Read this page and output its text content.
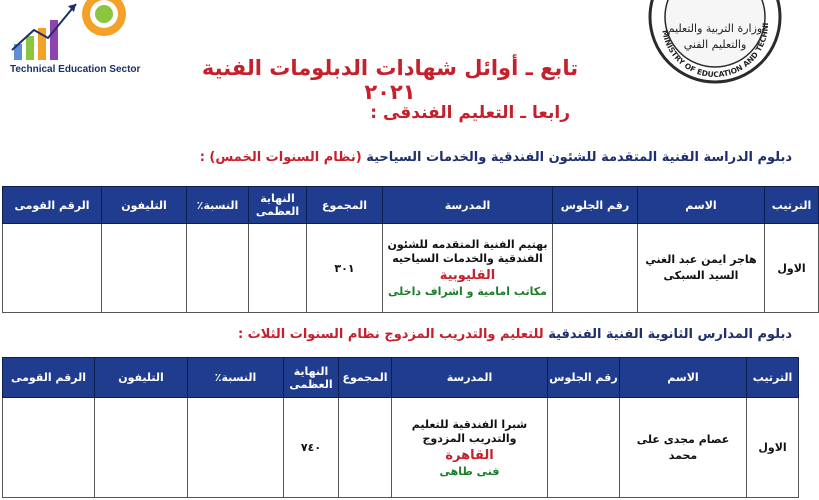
Technical Education Sector
MINISTRY OF EDUCATION AND TECHNI
وزارة التربية والتعليم
والتعليم الفني
تابع ـ أوائل شهادات الدبلومات الفنية ٢٠٢١
رابعا ـ التعليم الفندقى :
دبلوم الدراسة الفنية المتقدمة للشئون الفندقية والخدمات السياحية (نظام السنوات الخمس) :
الترتيب	الاسم	رقم الجلوس	المدرسة	المجموع	النهاية العظمى	النسبة٪	التليفون	الرقم القومى
الاول	هاجر ايمن عبد الغني السيد السبكى		بهتيم الفنية المتقدمه للشئون الفندقية والخدمات السياحيه
القليوبية
مكاتب امامية و اشراف داخلى	٣٠١				
دبلوم المدارس الثانوية الفنية الفندقية للتعليم والتدريب المزدوج نظام السنوات الثلاث :
الترتيب	الاسم	رقم الجلوس	المدرسة	المجموع	النهاية العظمى	النسبة٪	التليفون	الرقم القومى
الاول	عصام مجدى على محمد		شبرا الفندقية للتعليم والتدريب المزدوج
القاهرة
فنى طاهى		٧٤٠			
